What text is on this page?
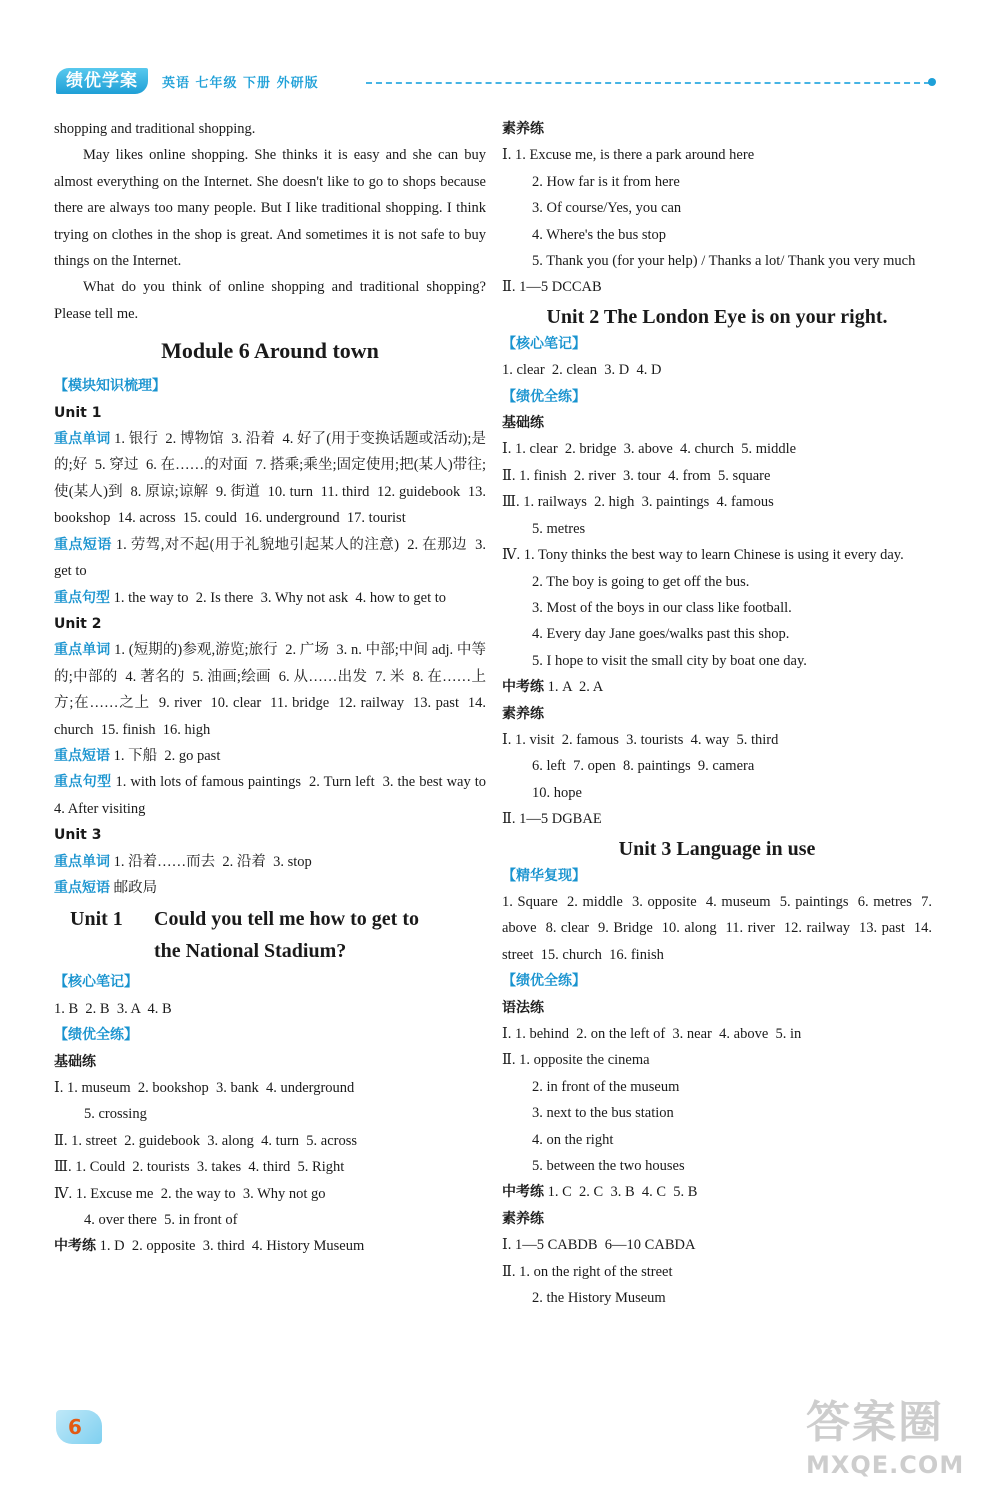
绩优学案	英语 七年级 下册 外研版

shopping and traditional shopping.

May likes online shopping. She thinks it is easy and she can buy almost everything on the Internet. She doesn't like to go to shops because there are always too many people. But I like traditional shopping. I think trying on clothes in the shop is great. And sometimes it is not safe to buy things on the Internet.

What do you think of online shopping and traditional shopping? Please tell me.

Module 6 Around town

【模块知识梳理】

Unit 1

重点单词 1. 银行  2. 博物馆  3. 沿着  4. 好了(用于变换话题或活动);是的;好  5. 穿过  6. 在……的对面  7. 搭乘;乘坐;固定使用;把(某人)带往;使(某人)到  8. 原谅;谅解  9. 街道  10. turn  11. third  12. guidebook  13. bookshop  14. across  15. could  16. underground  17. tourist

重点短语 1. 劳驾,对不起(用于礼貌地引起某人的注意)  2. 在那边  3. get to

重点句型 1. the way to  2. Is there  3. Why not ask  4. how to get to

Unit 2

重点单词 1. (短期的)参观,游览;旅行  2. 广场  3. n. 中部;中间 adj. 中等的;中部的  4. 著名的  5. 油画;绘画  6. 从……出发  7. 米  8. 在……上方;在……之上  9. river  10. clear  11. bridge  12. railway  13. past  14. church  15. finish  16. high

重点短语 1. 下船  2. go past

重点句型 1. with lots of famous paintings  2. Turn left  3. the best way to  4. After visiting

Unit 3

重点单词 1. 沿着……而去  2. 沿着  3. stop

重点短语 邮政局

Unit 1 Could you tell me how to get to
the National Stadium?

【核心笔记】

1. B  2. B  3. A  4. B

【绩优全练】

基础练

Ⅰ. 1. museum  2. bookshop  3. bank  4. underground

5. crossing

Ⅱ. 1. street  2. guidebook  3. along  4. turn  5. across

Ⅲ. 1. Could  2. tourists  3. takes  4. third  5. Right

Ⅳ. 1. Excuse me  2. the way to  3. Why not go

4. over there  5. in front of

中考练 1. D  2. opposite  3. third  4. History Museum

素养练

Ⅰ. 1. Excuse me, is there a park around here

2. How far is it from here

3. Of course/Yes, you can

4. Where's the bus stop

5. Thank you (for your help) / Thanks a lot/ Thank you very much

Ⅱ. 1—5 DCCAB

Unit 2 The London Eye is on your right.

【核心笔记】

1. clear  2. clean  3. D  4. D

【绩优全练】

基础练

Ⅰ. 1. clear  2. bridge  3. above  4. church  5. middle

Ⅱ. 1. finish  2. river  3. tour  4. from  5. square

Ⅲ. 1. railways  2. high  3. paintings  4. famous

5. metres

Ⅳ. 1. Tony thinks the best way to learn Chinese is using it every day.

2. The boy is going to get off the bus.

3. Most of the boys in our class like football.

4. Every day Jane goes/walks past this shop.

5. I hope to visit the small city by boat one day.

中考练 1. A  2. A

素养练

Ⅰ. 1. visit  2. famous  3. tourists  4. way  5. third

6. left  7. open  8. paintings  9. camera

10. hope

Ⅱ. 1—5 DGBAE

Unit 3 Language in use

【精华复现】

1. Square  2. middle  3. opposite  4. museum  5. paintings  6. metres  7. above  8. clear  9. Bridge  10. along  11. river  12. railway  13. past  14. street  15. church  16. finish

【绩优全练】

语法练

Ⅰ. 1. behind  2. on the left of  3. near  4. above  5. in

Ⅱ. 1. opposite the cinema

2. in front of the museum

3. next to the bus station

4. on the right

5. between the two houses

中考练 1. C  2. C  3. B  4. C  5. B

素养练

Ⅰ. 1—5 CABDB  6—10 CABDA

Ⅱ. 1. on the right of the street

2. the History Museum

6	答案圈
MXQE.COM
